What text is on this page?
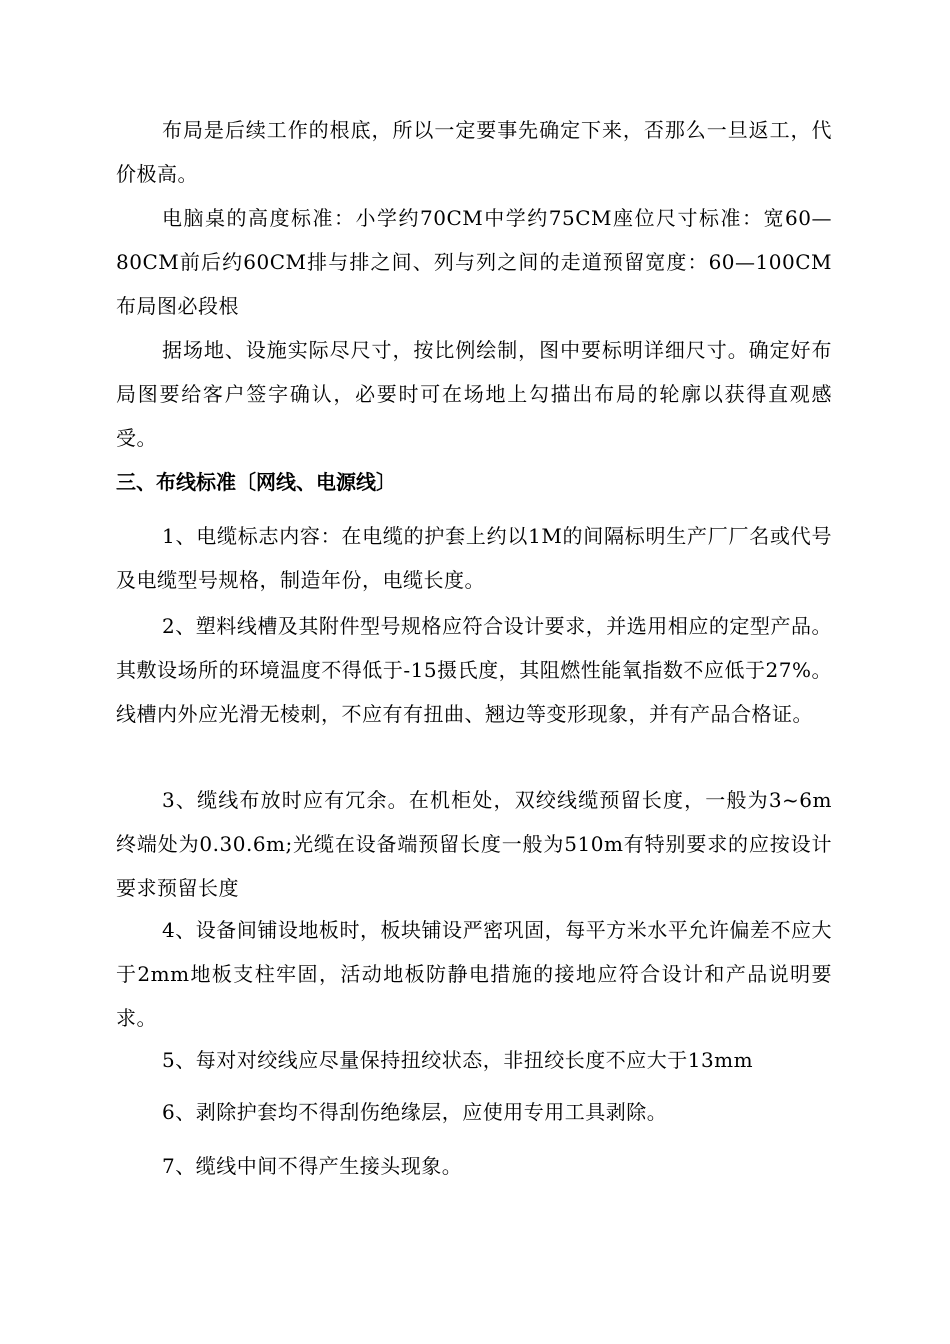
布局是后续工作的根底，所以一定要事先确定下来，否那么一旦返工，代价极高。

电脑桌的高度标准：小学约70CM中学约75CM座位尺寸标准：宽60—80CM前后约60CM排与排之间、列与列之间的走道预留宽度：60—100CM布局图必段根

据场地、设施实际尽尺寸，按比例绘制，图中要标明详细尺寸。确定好布局图要给客户签字确认，必要时可在场地上勾描出布局的轮廓以获得直观感受。

三、布线标准〔网线、电源线〕

1、电缆标志内容：在电缆的护套上约以1M的间隔标明生产厂厂名或代号及电缆型号规格，制造年份，电缆长度。

2、塑料线槽及其附件型号规格应符合设计要求，并选用相应的定型产品。其敷设场所的环境温度不得低于-15摄氏度，其阻燃性能氧指数不应低于27%。线槽内外应光滑无棱刺，不应有有扭曲、翘边等变形现象，并有产品合格证。

3、缆线布放时应有冗余。在机柜处，双绞线缆预留长度，一般为3~6m终端处为0.30.6m;光缆在设备端预留长度一般为510m有特别要求的应按设计要求预留长度

4、设备间铺设地板时，板块铺设严密巩固，每平方米水平允许偏差不应大于2mm地板支柱牢固，活动地板防静电措施的接地应符合设计和产品说明要求。

5、每对对绞线应尽量保持扭绞状态，非扭绞长度不应大于13mm

6、剥除护套均不得刮伤绝缘层，应使用专用工具剥除。

7、缆线中间不得产生接头现象。
